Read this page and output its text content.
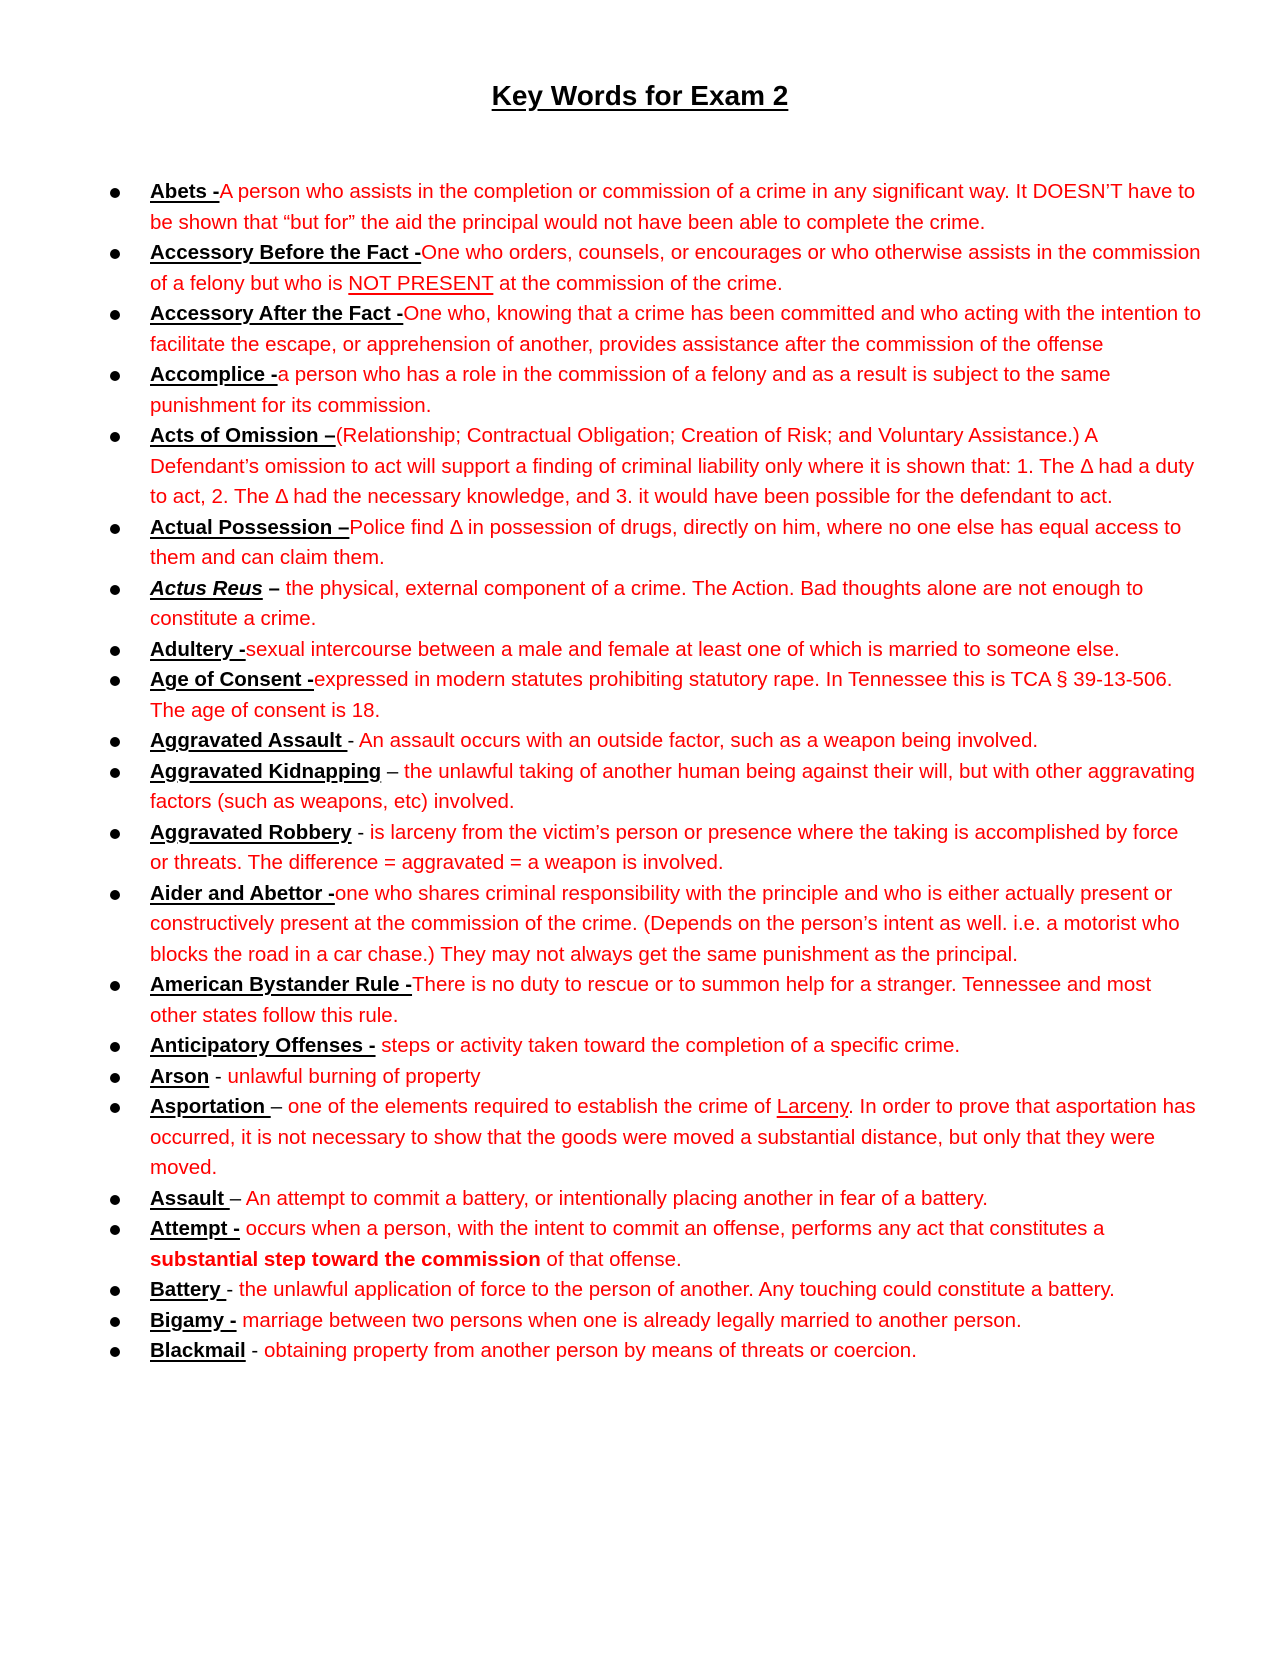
Key Words for Exam 2
Abets -A person who assists in the completion or commission of a crime in any significant way. It DOESN’T have to be shown that “but for” the aid the principal would not have been able to complete the crime.
Accessory Before the Fact -One who orders, counsels, or encourages or who otherwise assists in the commission of a felony but who is NOT PRESENT at the commission of the crime.
Accessory After the Fact -One who, knowing that a crime has been committed and who acting with the intention to facilitate the escape, or apprehension of another, provides assistance after the commission of the offense
Accomplice -a person who has a role in the commission of a felony and as a result is subject to the same punishment for its commission.
Acts of Omission –(Relationship; Contractual Obligation; Creation of Risk; and Voluntary Assistance.) A Defendant’s omission to act will support a finding of criminal liability only where it is shown that: 1. The Δ had a duty to act, 2. The Δ had the necessary knowledge, and 3. it would have been possible for the defendant to act.
Actual Possession –Police find Δ in possession of drugs, directly on him, where no one else has equal access to them and can claim them.
Actus Reus – the physical, external component of a crime. The Action. Bad thoughts alone are not enough to constitute a crime.
Adultery -sexual intercourse between a male and female at least one of which is married to someone else.
Age of Consent -expressed in modern statutes prohibiting statutory rape. In Tennessee this is TCA § 39-13-506. The age of consent is 18.
Aggravated Assault - An assault occurs with an outside factor, such as a weapon being involved.
Aggravated Kidnapping – the unlawful taking of another human being against their will, but with other aggravating factors (such as weapons, etc) involved.
Aggravated Robbery - is larceny from the victim’s person or presence where the taking is accomplished by force or threats. The difference = aggravated = a weapon is involved.
Aider and Abettor -one who shares criminal responsibility with the principle and who is either actually present or constructively present at the commission of the crime. (Depends on the person’s intent as well. i.e. a motorist who blocks the road in a car chase.) They may not always get the same punishment as the principal.
American Bystander Rule -There is no duty to rescue or to summon help for a stranger. Tennessee and most other states follow this rule.
Anticipatory Offenses - steps or activity taken toward the completion of a specific crime.
Arson - unlawful burning of property
Asportation – one of the elements required to establish the crime of Larceny. In order to prove that asportation has occurred, it is not necessary to show that the goods were moved a substantial distance, but only that they were moved.
Assault – An attempt to commit a battery, or intentionally placing another in fear of a battery.
Attempt - occurs when a person, with the intent to commit an offense, performs any act that constitutes a substantial step toward the commission of that offense.
Battery - the unlawful application of force to the person of another. Any touching could constitute a battery.
Bigamy - marriage between two persons when one is already legally married to another person.
Blackmail - obtaining property from another person by means of threats or coercion.
